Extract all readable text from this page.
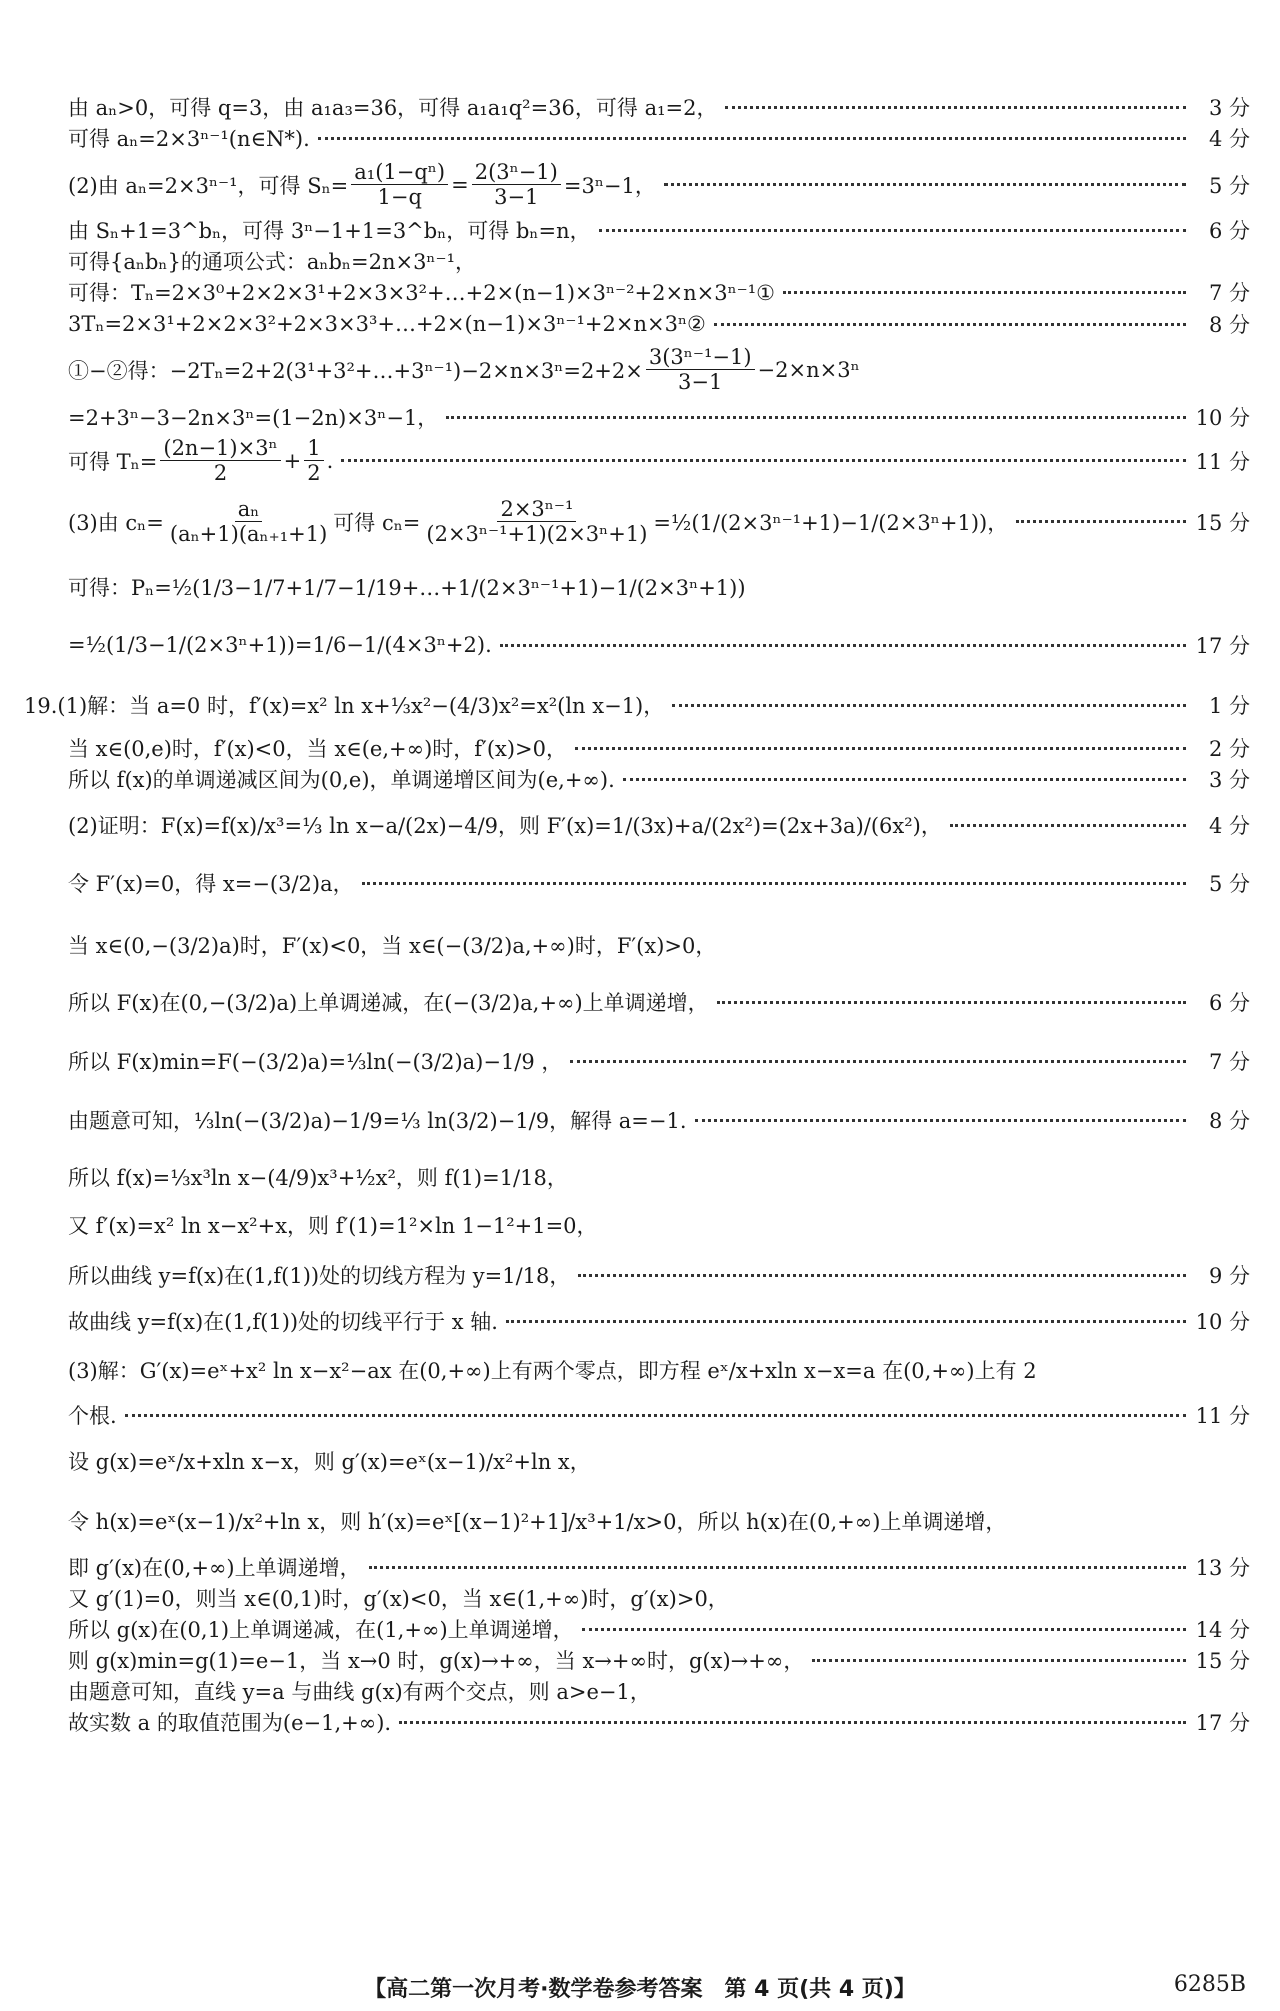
由 aₙ>0，可得 q=3，由 a₁a₃=36，可得 a₁a₁q²=36，可得 a₁=2，	3 分
可得 aₙ=2×3ⁿ⁻¹(n∈N*).	4 分
(2)由 aₙ=2×3ⁿ⁻¹，可得 $S_n= \frac{\text{a₁(1−qⁿ)}}{1-q} = \frac{\text{2(3ⁿ−1)}}{3-1} =3^n-1$，	5 分
由 Sₙ+1=3^bₙ，可得 3ⁿ−1+1=3^bₙ，可得 bₙ=n，	6 分
可得{aₙbₙ}的通项公式：aₙbₙ=2n×3ⁿ⁻¹，
可得：Tₙ=2×3⁰+2×2×3¹+2×3×3²+…+2×(n−1)×3ⁿ⁻²+2×n×3ⁿ⁻¹①	7 分
3Tₙ=2×3¹+2×2×3²+2×3×3³+…+2×(n−1)×3ⁿ⁻¹+2×n×3ⁿ②	8 分
①−②得：−2Tₙ=2+2(3¹+3²+…+3ⁿ⁻¹)−2×n×3ⁿ=2+2× $\frac{\text{3(3ⁿ⁻¹−1)}}{3-1} -2\times n\times 3^n$
=2+3ⁿ−3−2n×3ⁿ=(1−2n)×3ⁿ−1，	10 分
可得 $T_n= \frac{\text{(2n−1)×3ⁿ}}{2} + \frac{1}{2}$ .	11 分
(3)由 $c_n= \frac{\text{aₙ}}{\text{(aₙ+1)(aₙ₊₁+1)}}$ 可得 $c_n= \frac{\text{2×3ⁿ⁻¹}}{\text{(2×3ⁿ⁻¹+1)(2×3ⁿ+1)}}$ =½(1/(2×3ⁿ⁻¹+1)−1/(2×3ⁿ+1))，	15 分
可得：Pₙ=½(1/3−1/7+1/7−1/19+…+1/(2×3ⁿ⁻¹+1)−1/(2×3ⁿ+1))
=½(1/3−1/(2×3ⁿ+1))=1/6−1/(4×3ⁿ+2).	17 分
19.(1)解：当 a=0 时，f′(x)=x² ln x+⅓x²−(4/3)x²=x²(ln x−1)，	1 分
当 x∈(0,e)时，f′(x)<0，当 x∈(e,+∞)时，f′(x)>0，	2 分
所以 f(x)的单调递减区间为(0,e)，单调递增区间为(e,+∞).	3 分
(2)证明：F(x)=f(x)/x³=⅓ ln x−a/(2x)−4/9，则 F′(x)=1/(3x)+a/(2x²)=(2x+3a)/(6x²)，	4 分
令 F′(x)=0，得 x=−(3/2)a，	5 分
当 x∈(0,−(3/2)a)时，F′(x)<0，当 x∈(−(3/2)a,+∞)时，F′(x)>0，
所以 F(x)在(0,−(3/2)a)上单调递减，在(−(3/2)a,+∞)上单调递增，	6 分
所以 F(x)min=F(−(3/2)a)=⅓ln(−(3/2)a)−1/9 ，	7 分
由题意可知，⅓ln(−(3/2)a)−1/9=⅓ ln(3/2)−1/9，解得 a=−1.	8 分
所以 f(x)=⅓x³ln x−(4/9)x³+½x²，则 f(1)=1/18，
又 f′(x)=x² ln x−x²+x，则 f′(1)=1²×ln 1−1²+1=0，
所以曲线 y=f(x)在(1,f(1))处的切线方程为 y=1/18，	9 分
故曲线 y=f(x)在(1,f(1))处的切线平行于 x 轴.	10 分
(3)解：G′(x)=eˣ+x² ln x−x²−ax 在(0,+∞)上有两个零点，即方程 eˣ/x+xln x−x=a 在(0,+∞)上有 2
个根.	11 分
设 g(x)=eˣ/x+xln x−x，则 g′(x)=eˣ(x−1)/x²+ln x，
令 h(x)=eˣ(x−1)/x²+ln x，则 h′(x)=eˣ[(x−1)²+1]/x³+1/x>0，所以 h(x)在(0,+∞)上单调递增，
即 g′(x)在(0,+∞)上单调递增，	13 分
又 g′(1)=0，则当 x∈(0,1)时，g′(x)<0，当 x∈(1,+∞)时，g′(x)>0，
所以 g(x)在(0,1)上单调递减，在(1,+∞)上单调递增，	14 分
则 g(x)min=g(1)=e−1，当 x→0 时，g(x)→+∞，当 x→+∞时，g(x)→+∞，	15 分
由题意可知，直线 y=a 与曲线 g(x)有两个交点，则 a>e−1，
故实数 a 的取值范围为(e−1,+∞).	17 分
【高二第一次月考·数学卷参考答案　第 4 页(共 4 页)】	6285B
